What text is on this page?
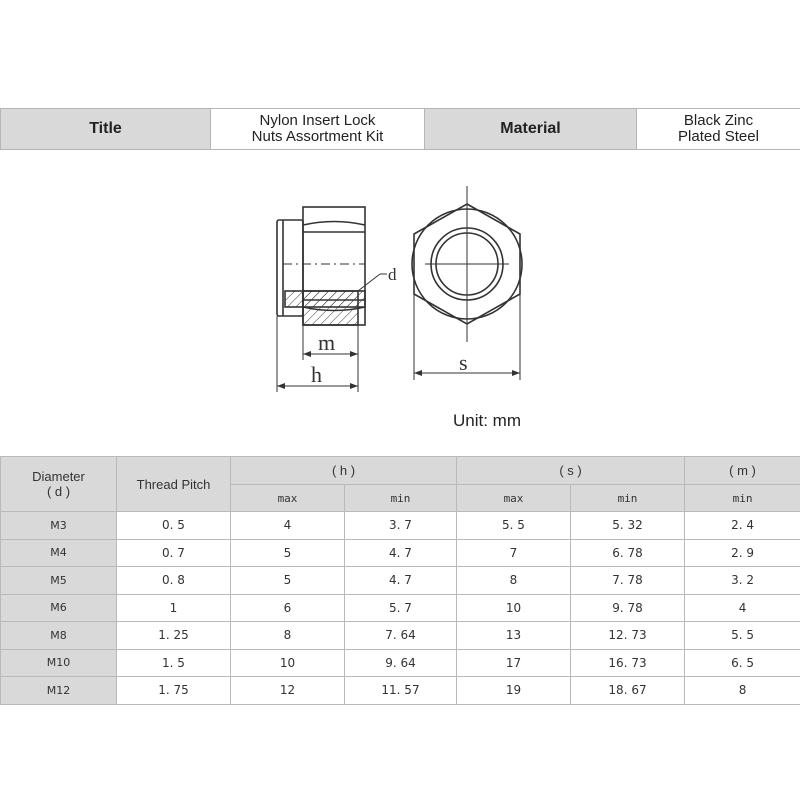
Title	Nylon Insert Lock
Nuts Assortment Kit	Material	Black Zinc
Plated Steel
d
m
h	s
Unit: mm
Diameter
( d )	Thread Pitch	( h )		( s )		( m )
		max	min	max	min	min
M3	0. 5	4	3. 7	5. 5	5. 32	2. 4
M4	0. 7	5	4. 7	7	6. 78	2. 9
M5	0. 8	5	4. 7	8	7. 78	3. 2
M6	1	6	5. 7	10	9. 78	4
M8	1. 25	8	7. 64	13	12. 73	5. 5
M10	1. 5	10	9. 64	17	16. 73	6. 5
M12	1. 75	12	11. 57	19	18. 67	8
